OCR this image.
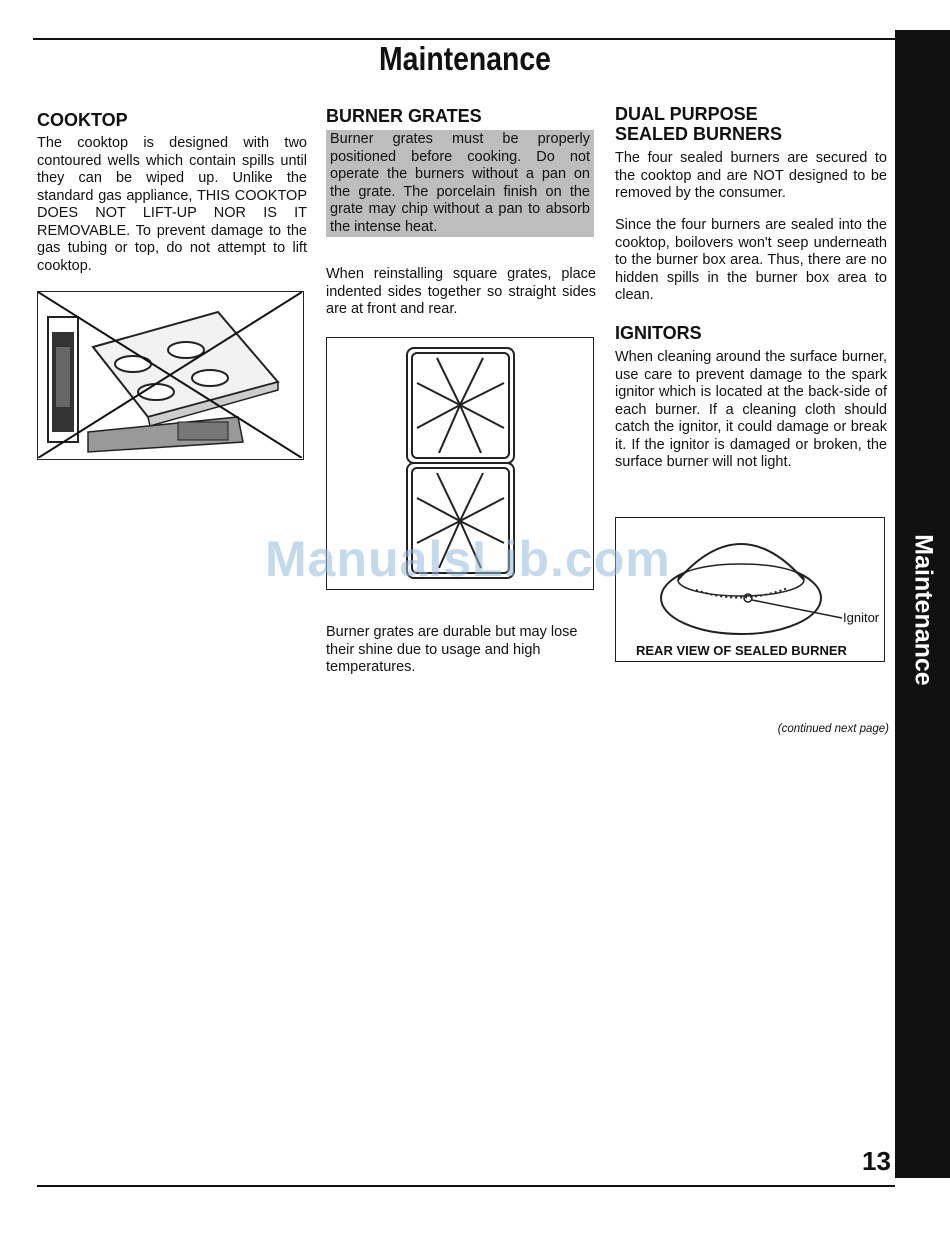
Maintenance
Maintenance
COOKTOP

The cooktop is designed with two contoured wells which contain spills until they can be wiped up. Unlike the standard gas appliance, THIS COOKTOP DOES NOT LIFT-UP NOR IS IT REMOVABLE. To prevent damage to the gas tubing or top, do not attempt to lift cooktop.

BURNER GRATES
Burner grates must be properly positioned before cooking. Do not operate the burners without a pan on the grate. The porcelain finish on the grate may chip without a pan to absorb the intense heat.

When reinstalling square grates, place indented sides together so straight sides are at front and rear.

Burner grates are durable but may lose their shine due to usage and high temperatures.

DUAL PURPOSE
SEALED BURNERS

The four sealed burners are secured to the cooktop and are NOT designed to be removed by the consumer.

Since the four burners are sealed into the cooktop, boilovers won't seep underneath to the burner box area. Thus, there are no hidden spills in the burner box area to clean.

IGNITORS

When cleaning around the surface burner, use care to prevent damage to the spark ignitor which is located at the back-side of each burner. If a cleaning cloth should catch the ignitor, it could damage or break it. If the ignitor is damaged or broken, the surface burner will not light.

Ignitor
REAR VIEW OF SEALED BURNER
(continued next page)
13
ManualsLib.com
